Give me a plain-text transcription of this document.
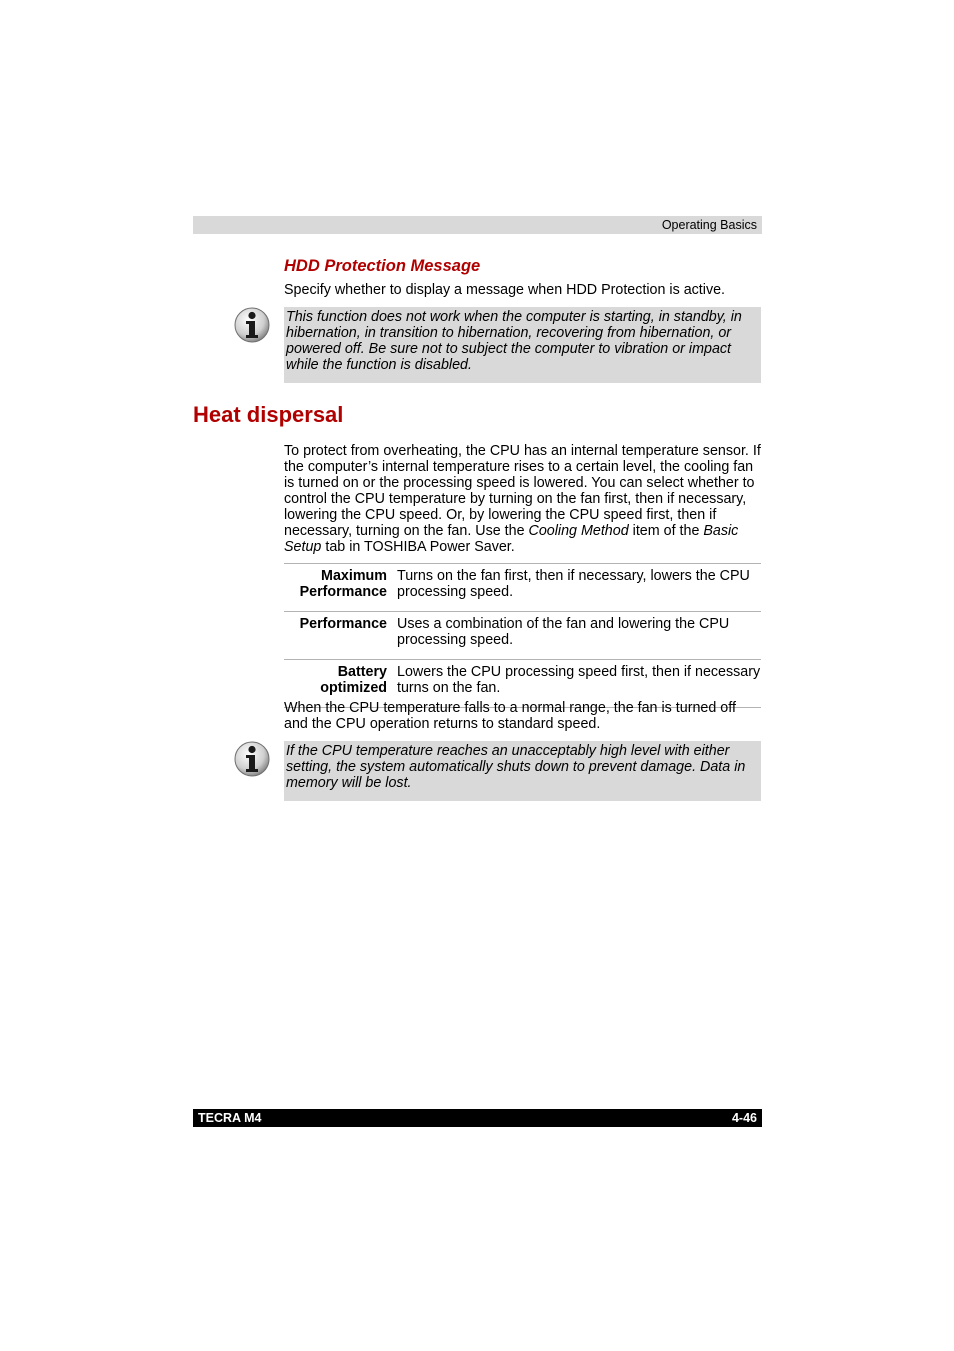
Operating Basics
HDD Protection Message

Specify whether to display a message when HDD Protection is active.

This function does not work when the computer is starting, in standby, in hibernation, in transition to hibernation, recovering from hibernation, or powered off. Be sure not to subject the computer to vibration or impact while the function is disabled.

Heat dispersal

To protect from overheating, the CPU has an internal temperature sensor. If the computer’s internal temperature rises to a certain level, the cooling fan is turned on or the processing speed is lowered. You can select whether to control the CPU temperature by turning on the fan first, then if necessary, lowering the CPU speed. Or, by lowering the CPU speed first, then if necessary, turning on the fan. Use the Cooling Method item of the Basic Setup tab in TOSHIBA Power Saver.

Maximum
Performance	Turns on the fan first, then if necessary, lowers the CPU processing speed.
Performance	Uses a combination of the fan and lowering the CPU processing speed.
Battery
optimized	Lowers the CPU processing speed first, then if necessary turns on the fan.

When the CPU temperature falls to a normal range, the fan is turned off and the CPU operation returns to standard speed.

If the CPU temperature reaches an unacceptably high level with either setting, the system automatically shuts down to prevent damage. Data in memory will be lost.

TECRA M4	4-46
